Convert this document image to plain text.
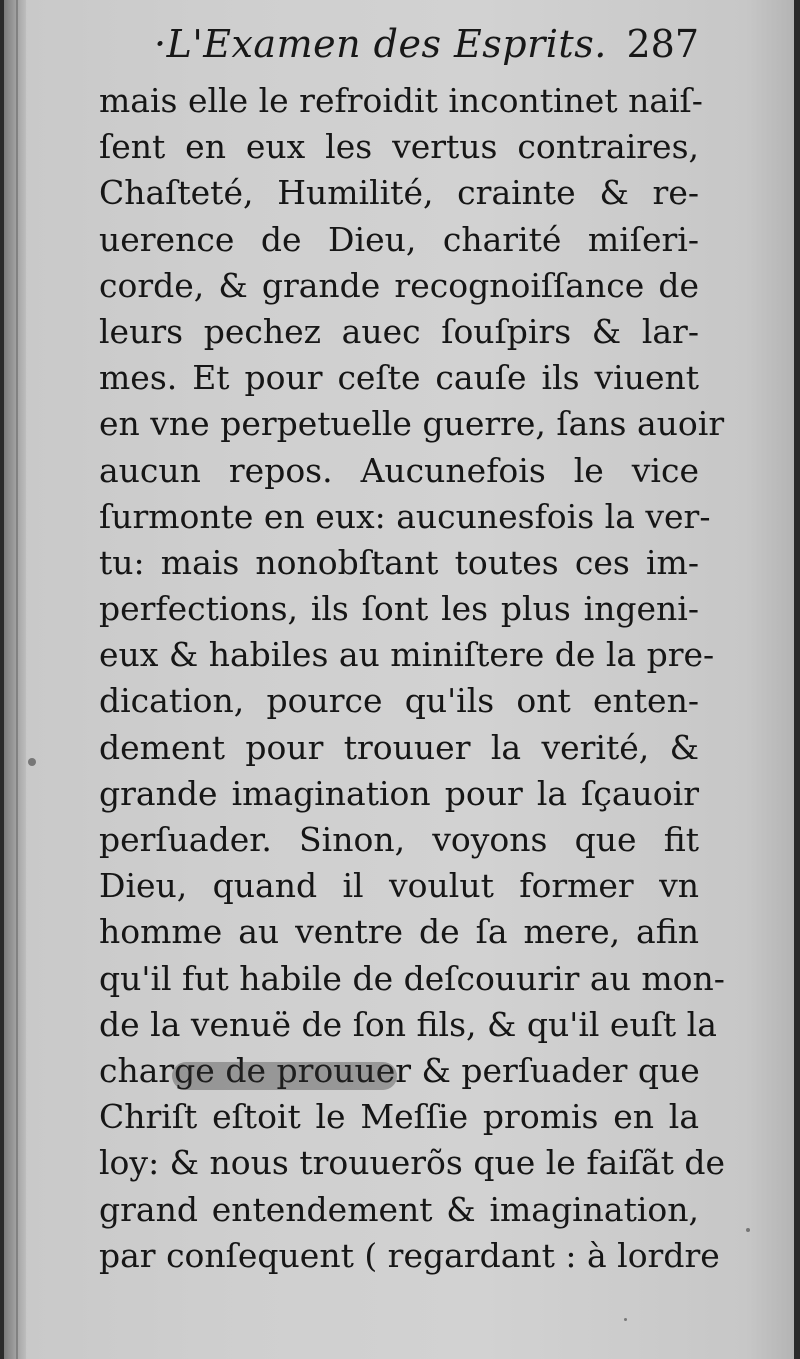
·L'Examen des Esprits. 287
mais elle le refroidit incontinet naiſ-
ſent en eux les vertus contraires,
Chaſteté, Humilité, crainte & re-
uerence de Dieu, charité miſeri-
corde, & grande recognoiſſance de
leurs pechez auec ſouſpirs & lar-
mes. Et pour ceſte cauſe ils viuent
en vne perpetuelle guerre, ſans auoir
aucun repos. Aucunefois le vice
ſurmonte en eux: aucunesfois la ver-
tu: mais nonobſtant toutes ces im-
perfections, ils ſont les plus ingeni-
eux & habiles au miniſtere de la pre-
dication, pource qu'ils ont enten-
dement pour trouuer la verité, &
grande imagination pour la ſçauoir
perſuader. Sinon, voyons que fit
Dieu, quand il voulut former vn
homme au ventre de ſa mere, afin
qu'il fut habile de deſcouurir au mon-
de la venuë de ſon fils, & qu'il euſt la
charge de prouuer & perſuader que
Chriſt eſtoit le Meſſie promis en la
loy: & nous trouuerõs que le faiſãt de
grand entendement & imagination,
par conſequent ( regardant : à lordre
